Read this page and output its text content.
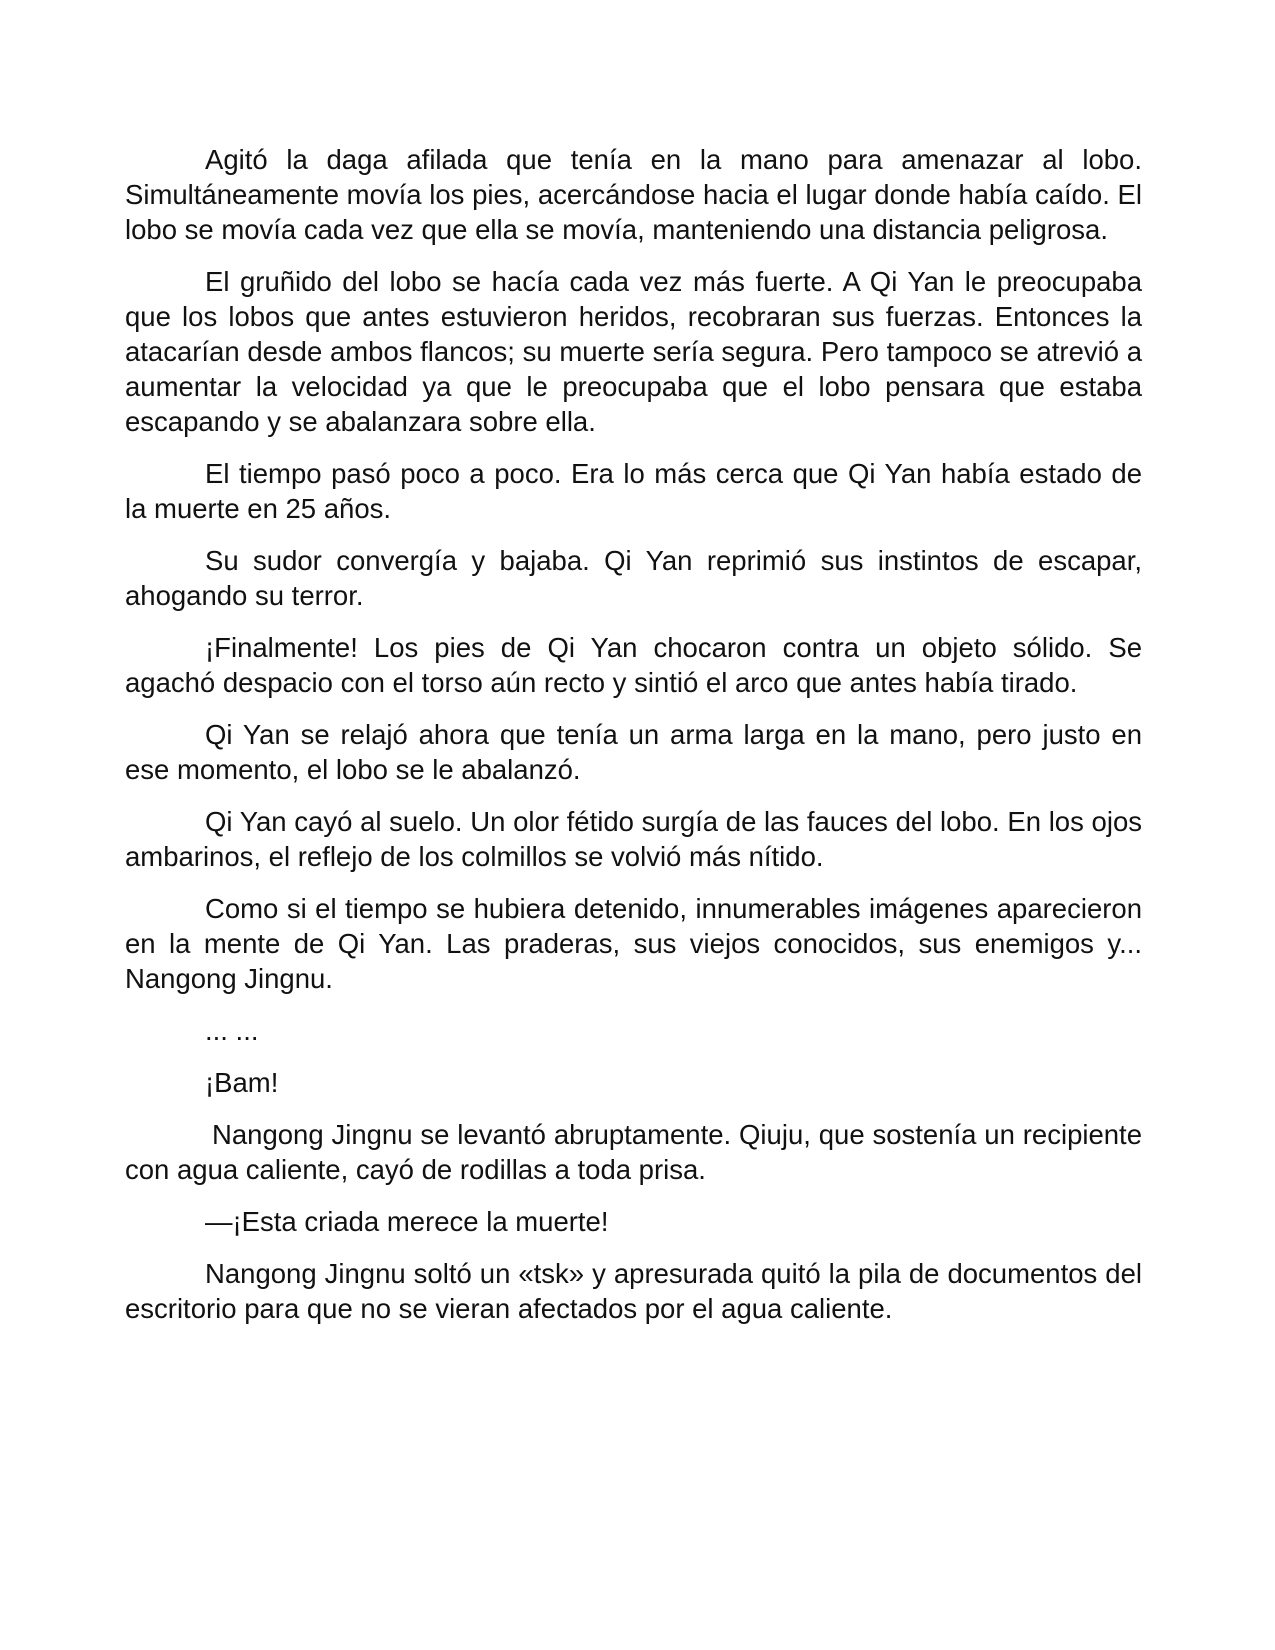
Agitó la daga afilada que tenía en la mano para amenazar al lobo. Simultáneamente movía los pies, acercándose hacia el lugar donde había caído. El lobo se movía cada vez que ella se movía, manteniendo una distancia peligrosa.

El gruñido del lobo se hacía cada vez más fuerte. A Qi Yan le preocupaba que los lobos que antes estuvieron heridos, recobraran sus fuerzas. Entonces la atacarían desde ambos flancos; su muerte sería segura. Pero tampoco se atrevió a aumentar la velocidad ya que le preocupaba que el lobo pensara que estaba escapando y se abalanzara sobre ella.

El tiempo pasó poco a poco. Era lo más cerca que Qi Yan había estado de la muerte en 25 años.

Su sudor convergía y bajaba. Qi Yan reprimió sus instintos de escapar, ahogando su terror.

¡Finalmente! Los pies de Qi Yan chocaron contra un objeto sólido. Se agachó despacio con el torso aún recto y sintió el arco que antes había tirado.

Qi Yan se relajó ahora que tenía un arma larga en la mano, pero justo en ese momento, el lobo se le abalanzó.

Qi Yan cayó al suelo. Un olor fétido surgía de las fauces del lobo. En los ojos ambarinos, el reflejo de los colmillos se volvió más nítido.

Como si el tiempo se hubiera detenido, innumerables imágenes aparecieron en la mente de Qi Yan. Las praderas, sus viejos conocidos, sus enemigos y... Nangong Jingnu.

... ...

¡Bam!

Nangong Jingnu se levantó abruptamente. Qiuju, que sostenía un recipiente con agua caliente, cayó de rodillas a toda prisa.

—¡Esta criada merece la muerte!

Nangong Jingnu soltó un «tsk» y apresurada quitó la pila de documentos del escritorio para que no se vieran afectados por el agua caliente.
